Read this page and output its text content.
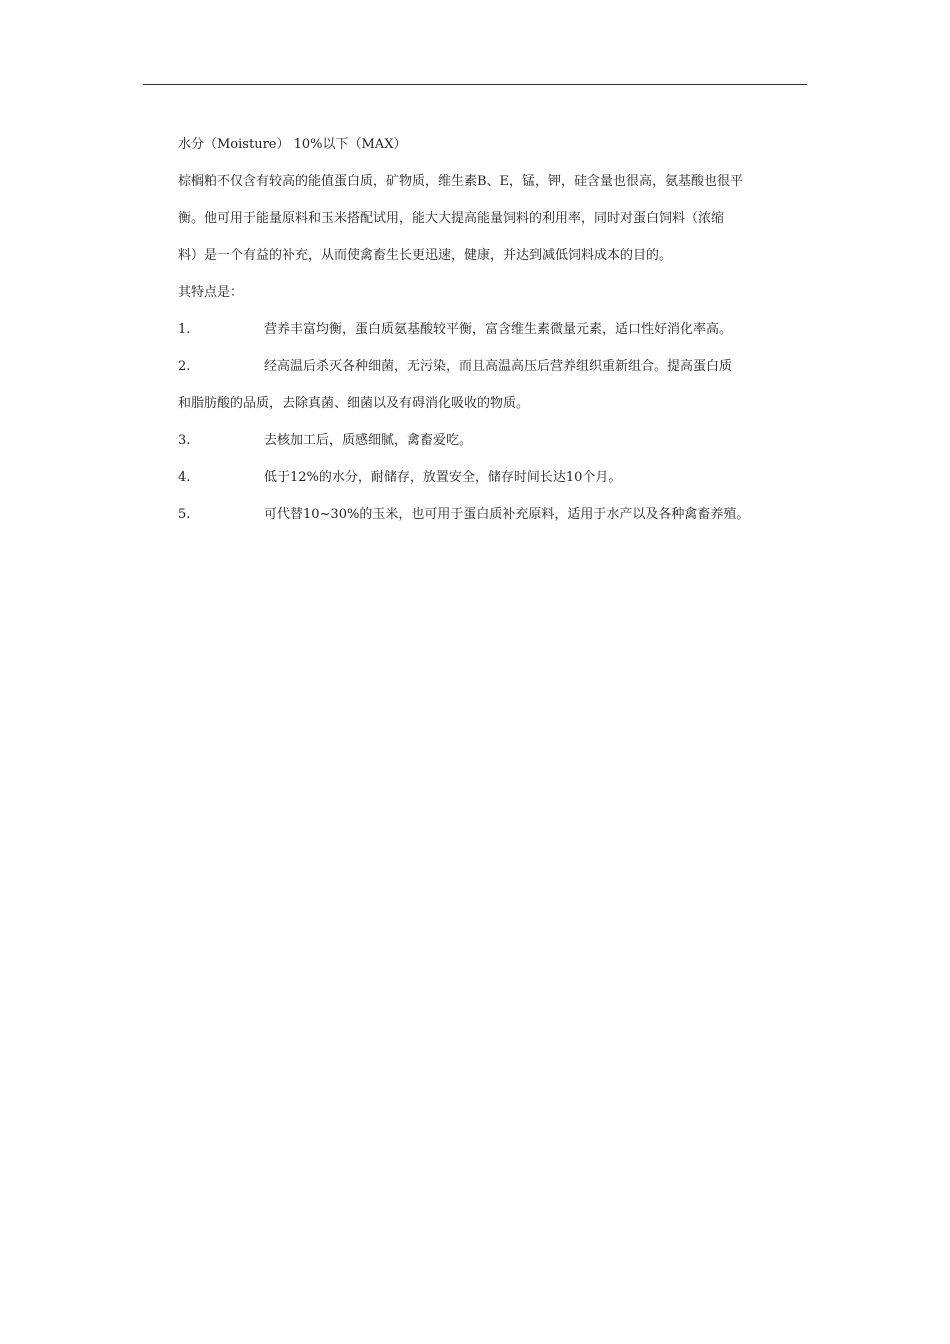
水分（Moisture） 10%以下（MAX）

棕榈粕不仅含有较高的能值蛋白质，矿物质，维生素B、E，锰，钾，硅含量也很高，氨基酸也很平

衡。他可用于能量原料和玉米搭配试用，能大大提高能量饲料的利用率，同时对蛋白饲料（浓缩

料）是一个有益的补充，从而使禽畜生长更迅速，健康，并达到减低饲料成本的目的。

其特点是：

1.	营养丰富均衡，蛋白质氨基酸较平衡，富含维生素微量元素，适口性好消化率高。
2.	经高温后杀灭各种细菌，无污染，而且高温高压后营养组织重新组合。提高蛋白质
和脂肪酸的品质，去除真菌、细菌以及有碍消化吸收的物质。
3.	去核加工后，质感细腻，禽畜爱吃。
4.	低于12%的水分，耐储存，放置安全，储存时间长达10个月。
5.	可代替10~30%的玉米，也可用于蛋白质补充原料，适用于水产以及各种禽畜养殖。
